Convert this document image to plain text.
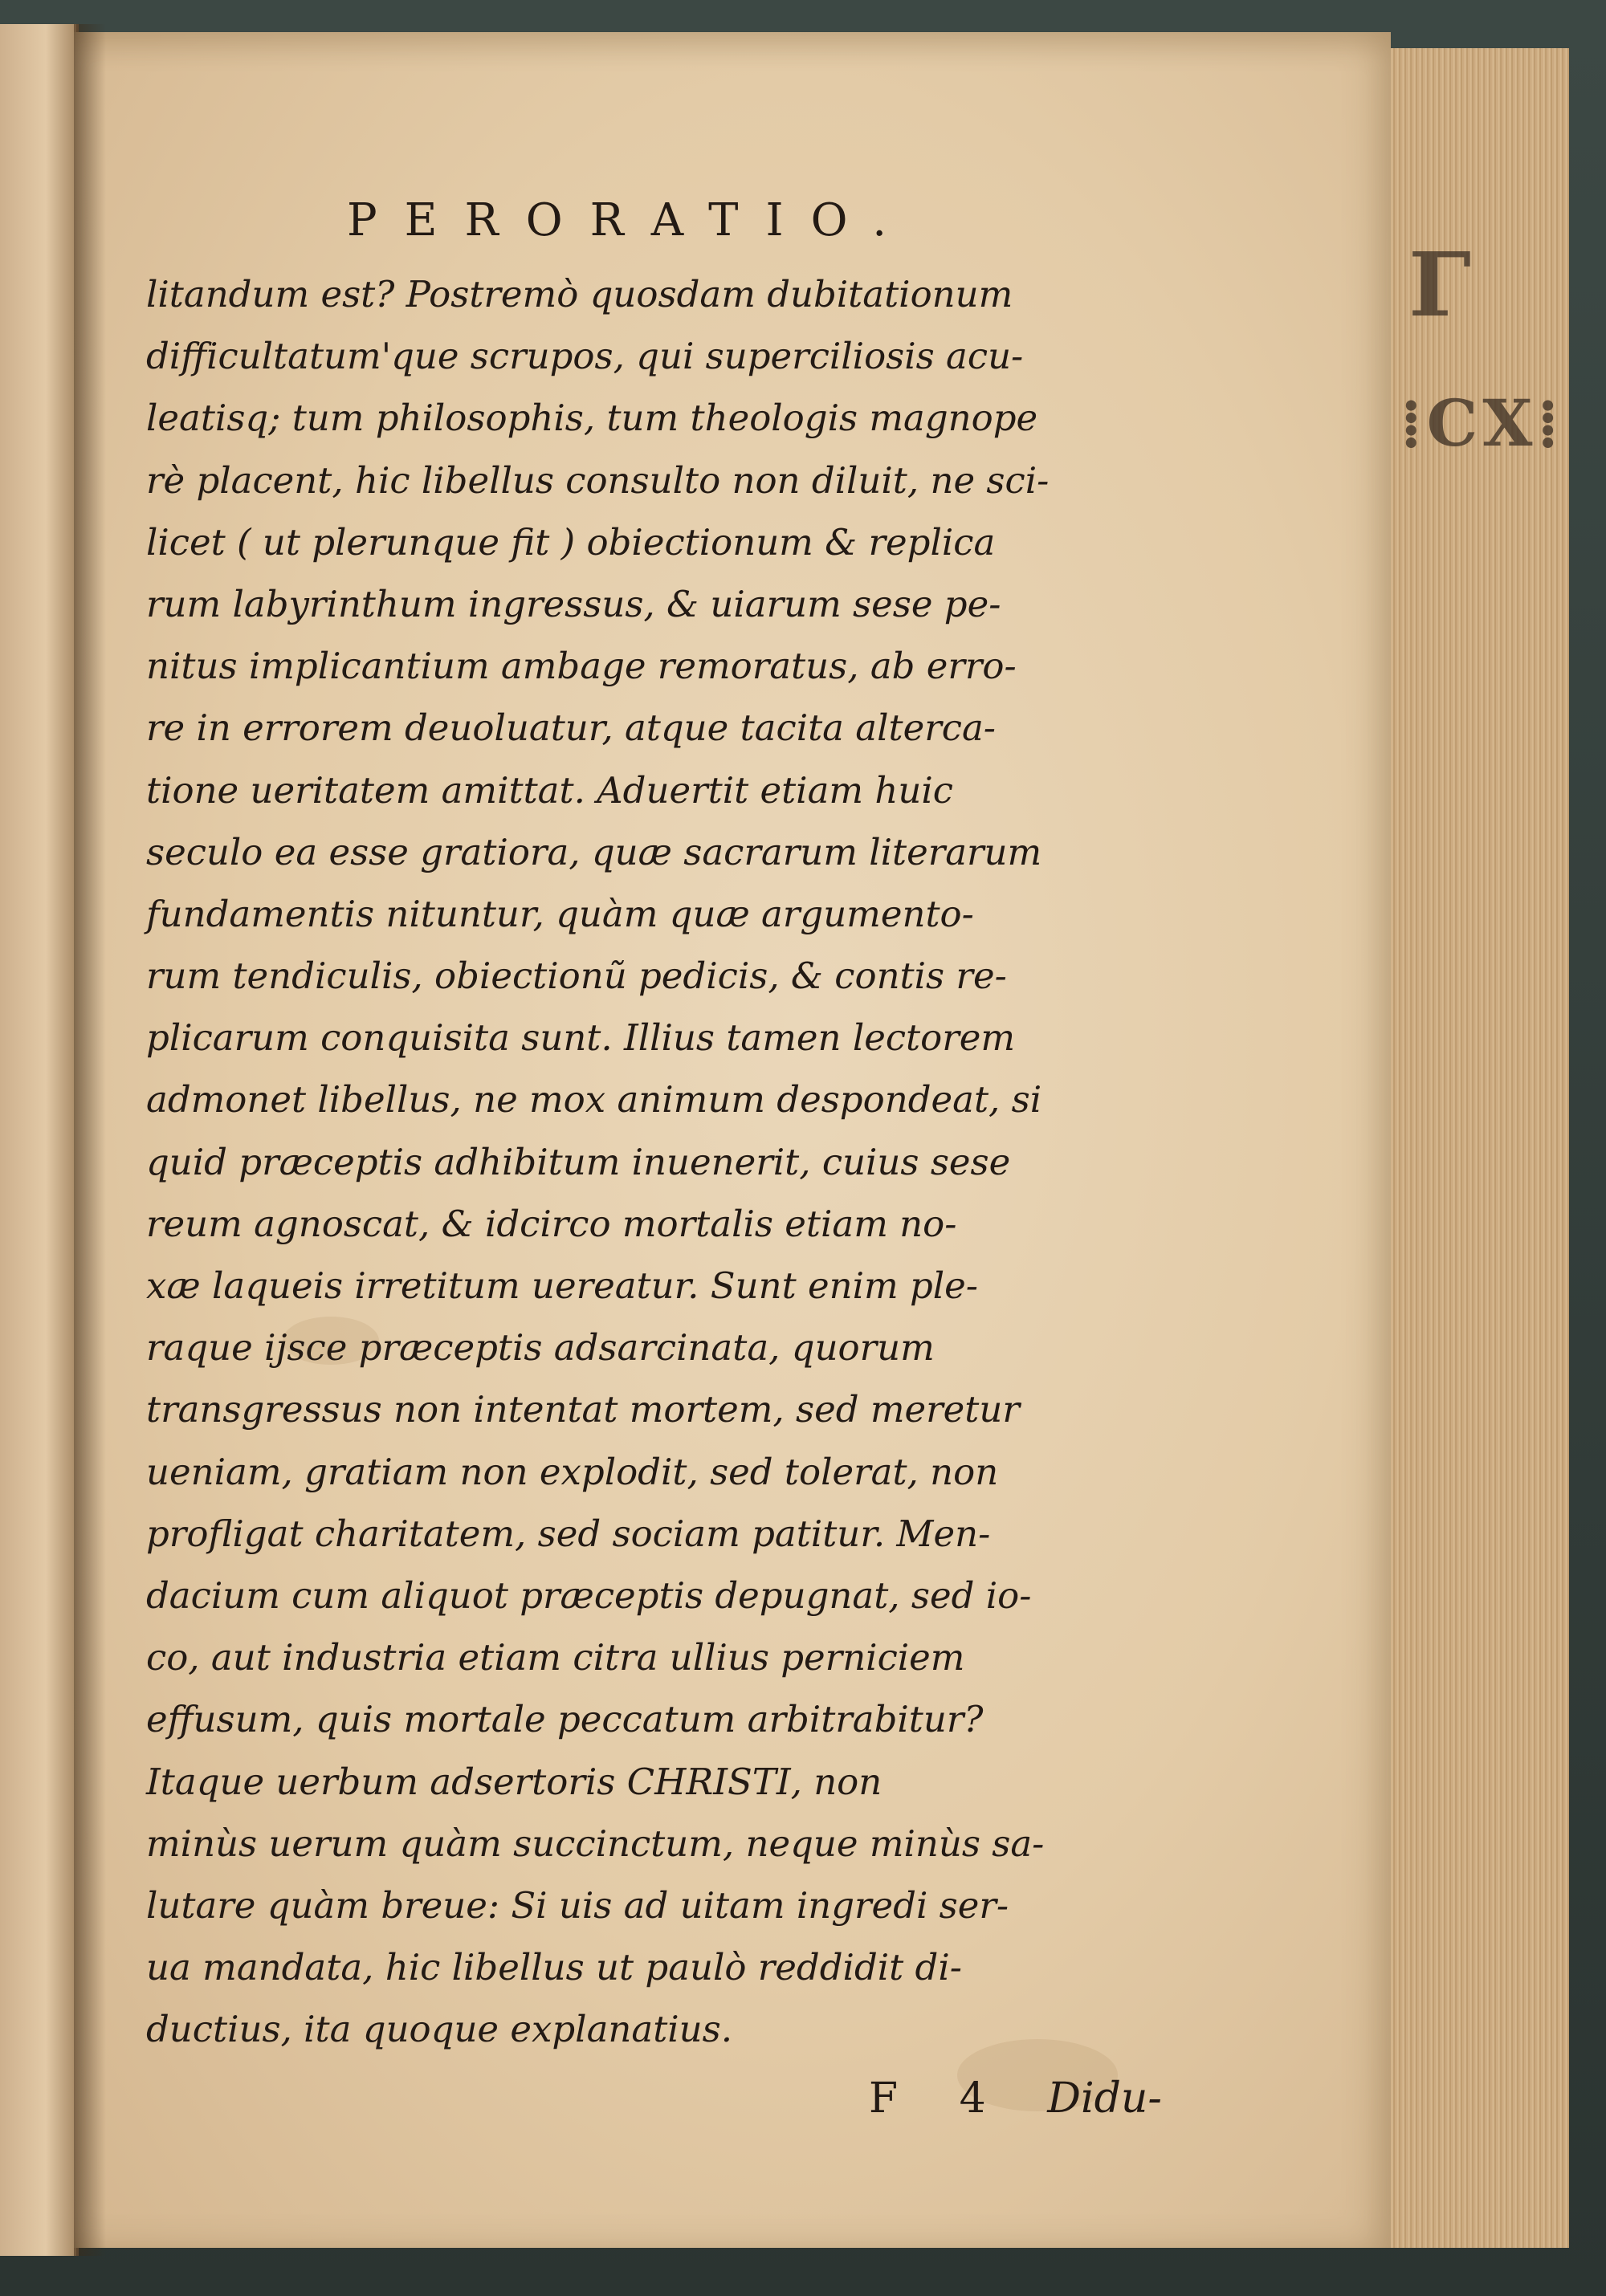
Γ
⁞CX⁞
PERORATIO.
litandum est? Postremò quosdam dubitationum
difficultatum'que scrupos, qui superciliosis acu-
leatisq; tum philosophis, tum theologis magnope
rè placent, hic libellus consulto non diluit, ne sci-
licet ( ut plerunque fit ) obiectionum & replica
rum labyrinthum ingressus, & uiarum sese pe-
nitus implicantium ambage remoratus, ab erro-
re in errorem deuoluatur, atque tacita alterca-
tione ueritatem amittat. Aduertit etiam huic
seculo ea esse gratiora, quæ sacrarum literarum
fundamentis nituntur, quàm quæ argumento-
rum tendiculis, obiectionũ pedicis, & contis re-
plicarum conquisita sunt. Illius tamen lectorem
admonet libellus, ne mox animum despondeat, si
quid præceptis adhibitum inuenerit, cuius sese
reum agnoscat, & idcirco mortalis etiam no-
xæ laqueis irretitum uereatur. Sunt enim ple-
raque ijsce præceptis adsarcinata, quorum
transgressus non intentat mortem, sed meretur
ueniam, gratiam non explodit, sed tolerat, non
profligat charitatem, sed sociam patitur. Men-
dacium cum aliquot præceptis depugnat, sed io-
co, aut industria etiam citra ullius perniciem
effusum, quis mortale peccatum arbitrabitur?
Itaque uerbum adsertoris CHRISTI, non
minùs uerum quàm succinctum, neque minùs sa-
lutare quàm breue: Si uis ad uitam ingredi ser-
ua mandata, hic libellus ut paulò reddidit di-
ductius, ita quoque explanatius.
F 4 Didu-
